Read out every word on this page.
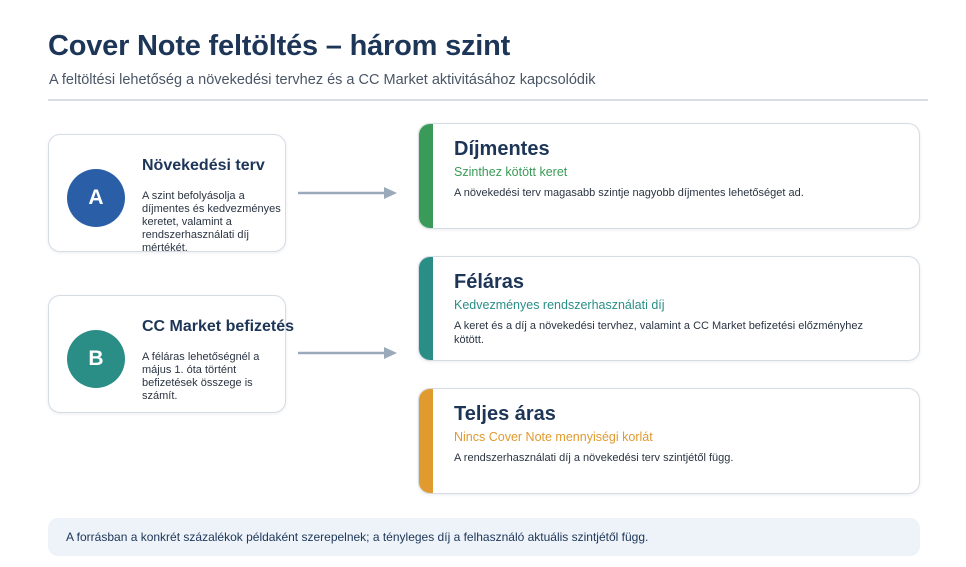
Cover Note feltöltés – három szint
A feltöltési lehetőség a növekedési tervhez és a CC Market aktivitásához kapcsolódik
A
Növekedési terv
A szint befolyásolja a díjmentes és kedvezményes keretet, valamint a rendszerhasználati díj mértékét.
B
CC Market befizetés
A féláras lehetőségnél a május 1. óta történt befizetések összege is számít.
Díjmentes
Szinthez kötött keret
A növekedési terv magasabb szintje nagyobb díjmentes lehetőséget ad.
Féláras
Kedvezményes rendszerhasználati díj
A keret és a díj a növekedési tervhez, valamint a CC Market befizetési előzményhez kötött.
Teljes áras
Nincs Cover Note mennyiségi korlát
A rendszerhasználati díj a növekedési terv szintjétől függ.
A forrásban a konkrét százalékok példaként szerepelnek; a tényleges díj a felhasználó aktuális szintjétől függ.
